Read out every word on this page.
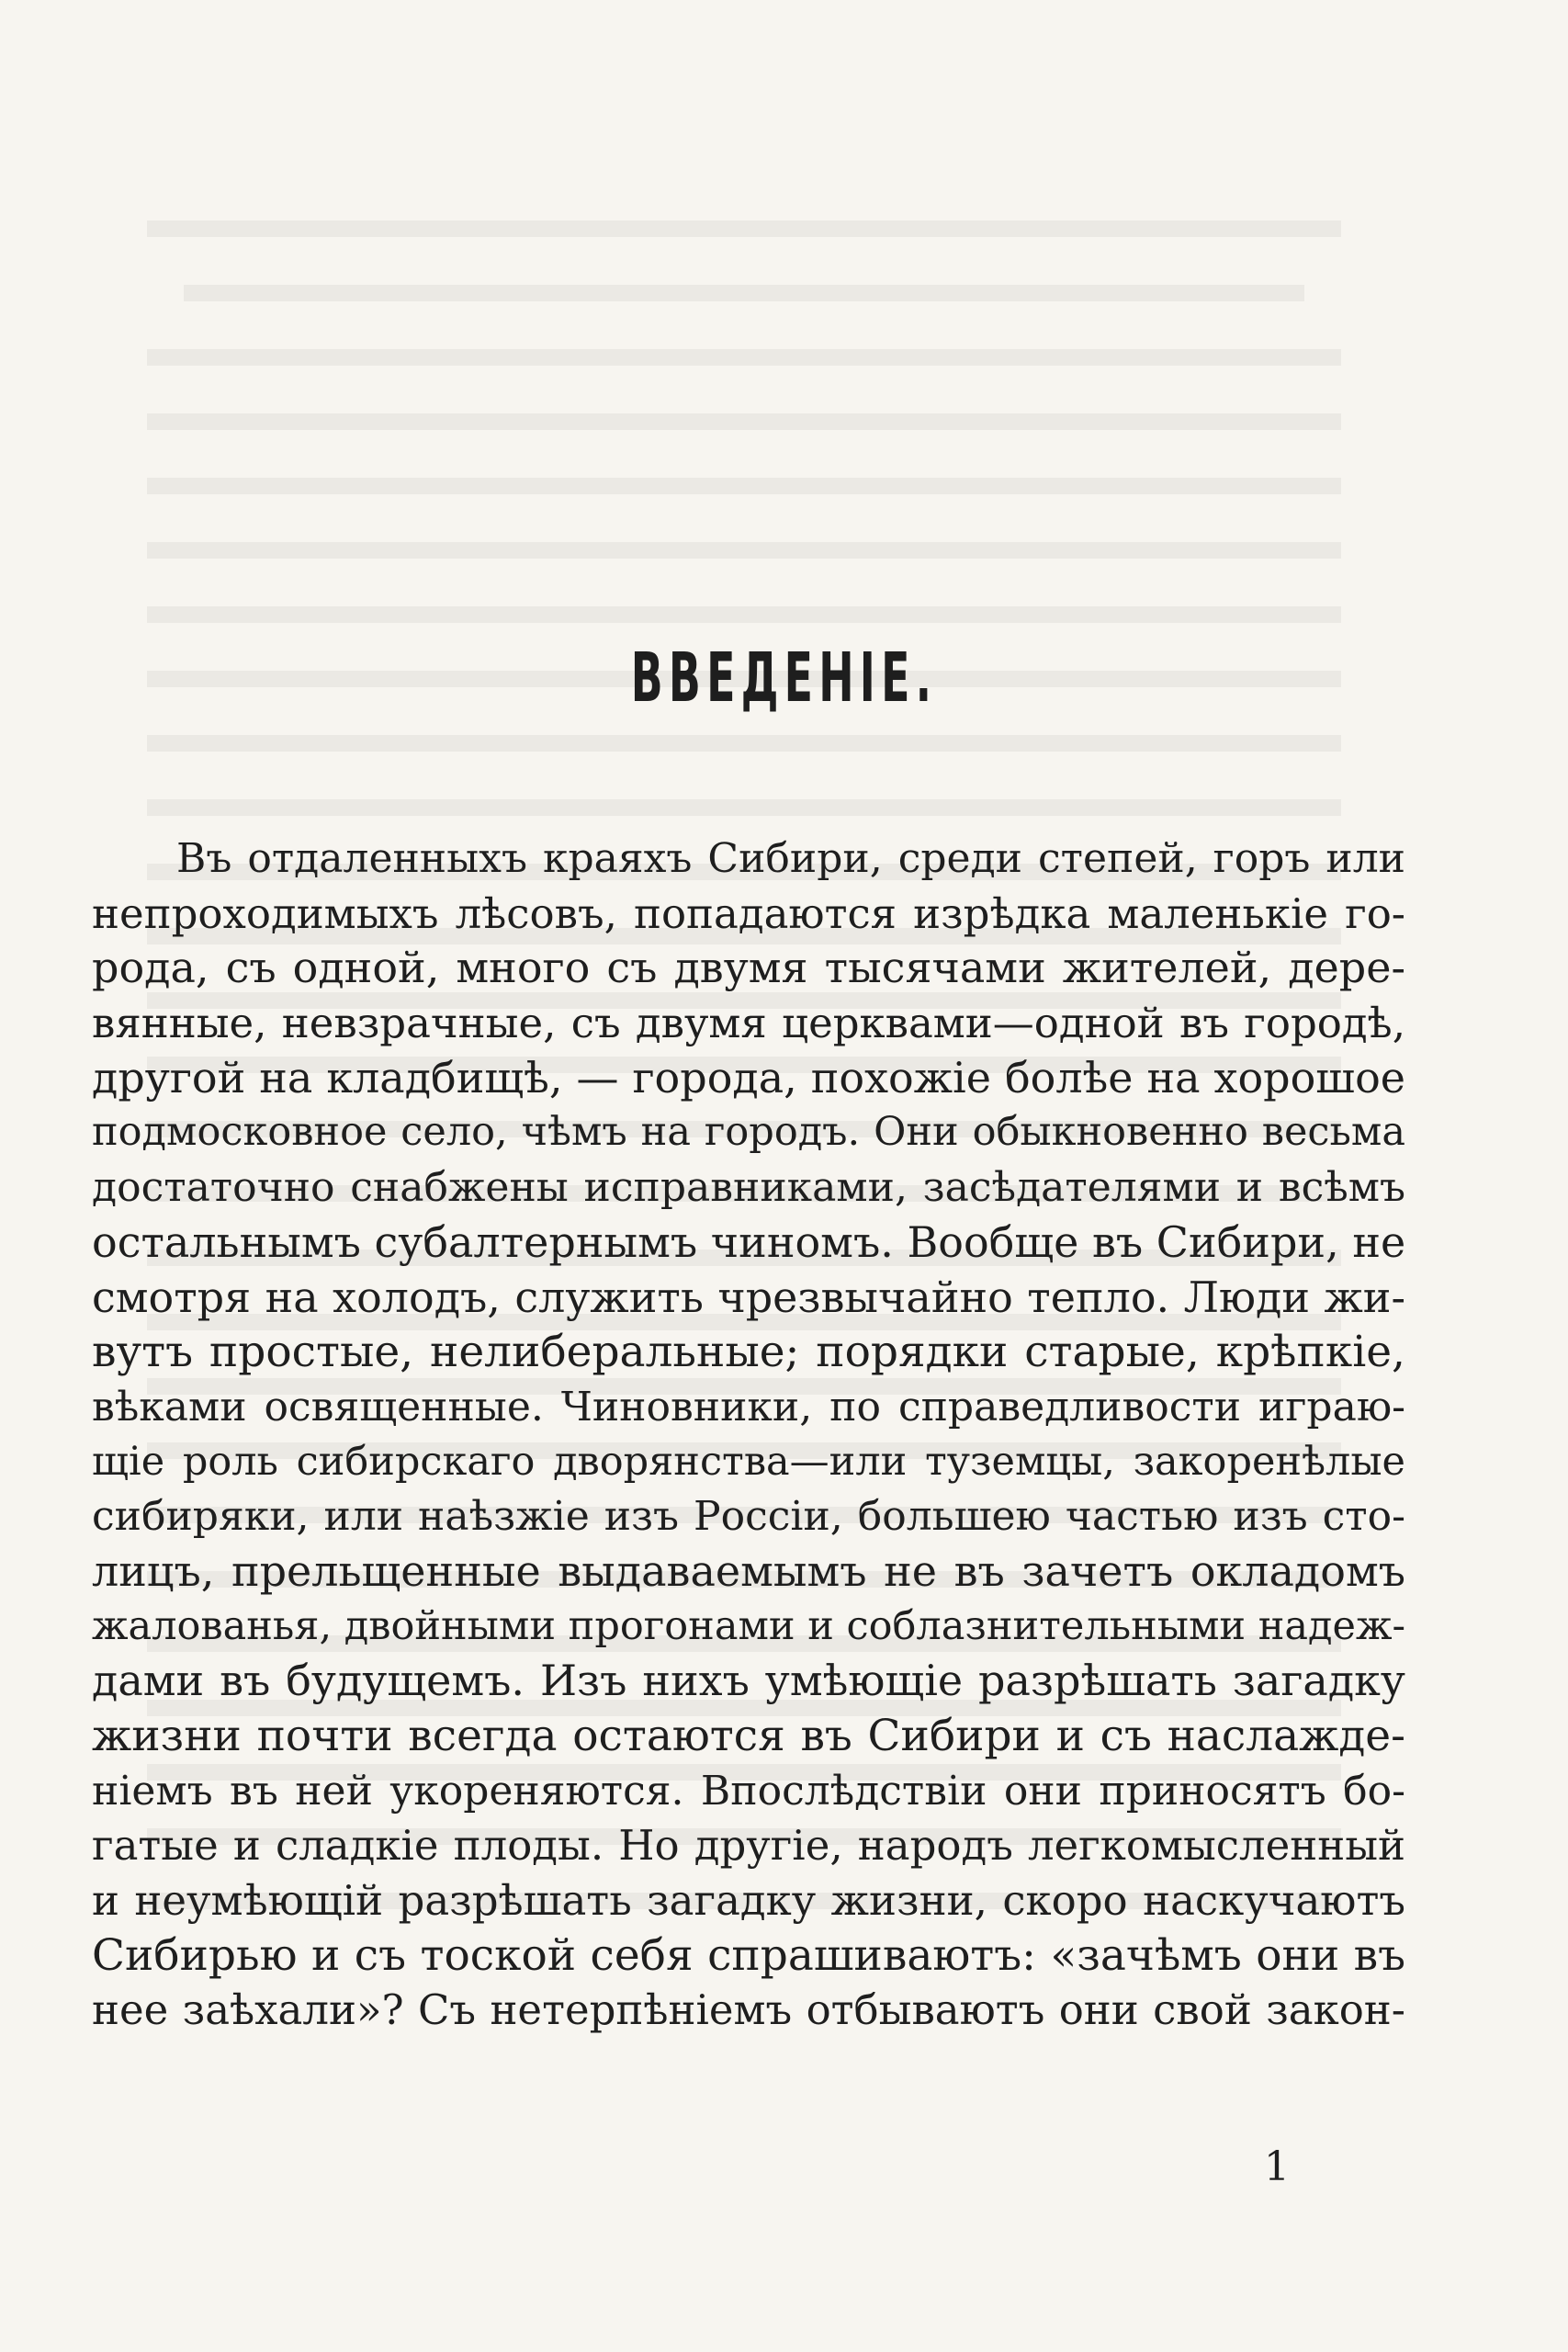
ВВЕДЕНIЕ.
Въ отдаленныхъ краяхъ Сибири, среди степей, горъ или
непроходимыхъ лѣсовъ, попадаются изрѣдка маленькіе го-
рода, съ одной, много съ двумя тысячами жителей, дере-
вянные, невзрачные, съ двумя церквами—одной въ городѣ,
другой на кладбищѣ, — города, похожіе болѣе на хорошое
подмосковное село, чѣмъ на городъ. Они обыкновенно весьма
достаточно снабжены исправниками, засѣдателями и всѣмъ
остальнымъ субалтернымъ чиномъ. Вообще въ Сибири, не
смотря на холодъ, служить чрезвычайно тепло. Люди жи-
вутъ простые, нелиберальные; порядки старые, крѣпкіе,
вѣками освященные. Чиновники, по справедливости играю-
щіе роль сибирскаго дворянства—или туземцы, закоренѣлые
сибиряки, или наѣзжіе изъ Россіи, большею частью изъ сто-
лицъ, прельщенные выдаваемымъ не въ зачетъ окладомъ
жалованья, двойными прогонами и соблазнительными надеж-
дами въ будущемъ. Изъ нихъ умѣющіе разрѣшать загадку
жизни почти всегда остаются въ Сибири и съ наслажде-
ніемъ въ ней укореняются. Впослѣдствіи они приносятъ бо-
гатые и сладкіе плоды. Но другіе, народъ легкомысленный
и неумѣющій разрѣшать загадку жизни, скоро наскучаютъ
Сибирью и съ тоской себя спрашиваютъ: «зачѣмъ они въ
нее заѣхали»? Съ нетерпѣніемъ отбываютъ они свой закон-
1
